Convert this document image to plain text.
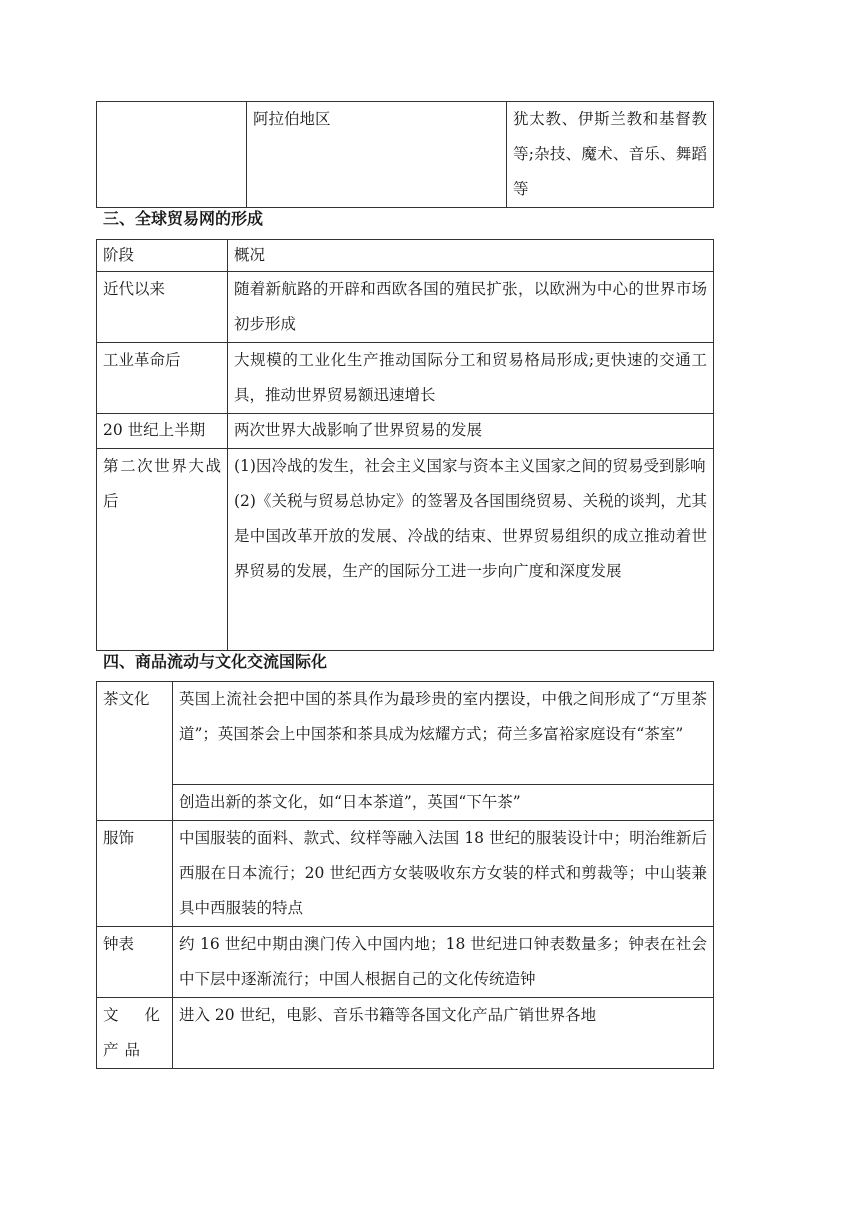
	阿拉伯地区	犹太教、伊斯兰教和基督教等;杂技、魔术、音乐、舞蹈等
三、全球贸易网的形成
阶段	概况
近代以来	随着新航路的开辟和西欧各国的殖民扩张，以欧洲为中心的世界市场初步形成
工业革命后	大规模的工业化生产推动国际分工和贸易格局形成;更快速的交通工具，推动世界贸易额迅速增长
20 世纪上半期	两次世界大战影响了世界贸易的发展
第二次世界大战后	(1)因冷战的发生，社会主义国家与资本主义国家之间的贸易受到影响
(2)《关税与贸易总协定》的签署及各国围绕贸易、关税的谈判，尤其是中国改革开放的发展、冷战的结束、世界贸易组织的成立推动着世界贸易的发展，生产的国际分工进一步向广度和深度发展
四、商品流动与文化交流国际化
茶文化	英国上流社会把中国的茶具作为最珍贵的室内摆设，中俄之间形成了“万里茶道”；英国茶会上中国茶和茶具成为炫耀方式；荷兰多富裕家庭设有“茶室”
	创造出新的茶文化，如“日本茶道”，英国“下午茶”
服饰	中国服装的面料、款式、纹样等融入法国 18 世纪的服装设计中；明治维新后西服在日本流行；20 世纪西方女装吸收东方女装的样式和剪裁等；中山装兼具中西服装的特点
钟表	约 16 世纪中期由澳门传入中国内地；18 世纪进口钟表数量多；钟表在社会中下层中逐渐流行；中国人根据自己的文化传统造钟
文化产品	进入 20 世纪，电影、音乐书籍等各国文化产品广销世界各地
